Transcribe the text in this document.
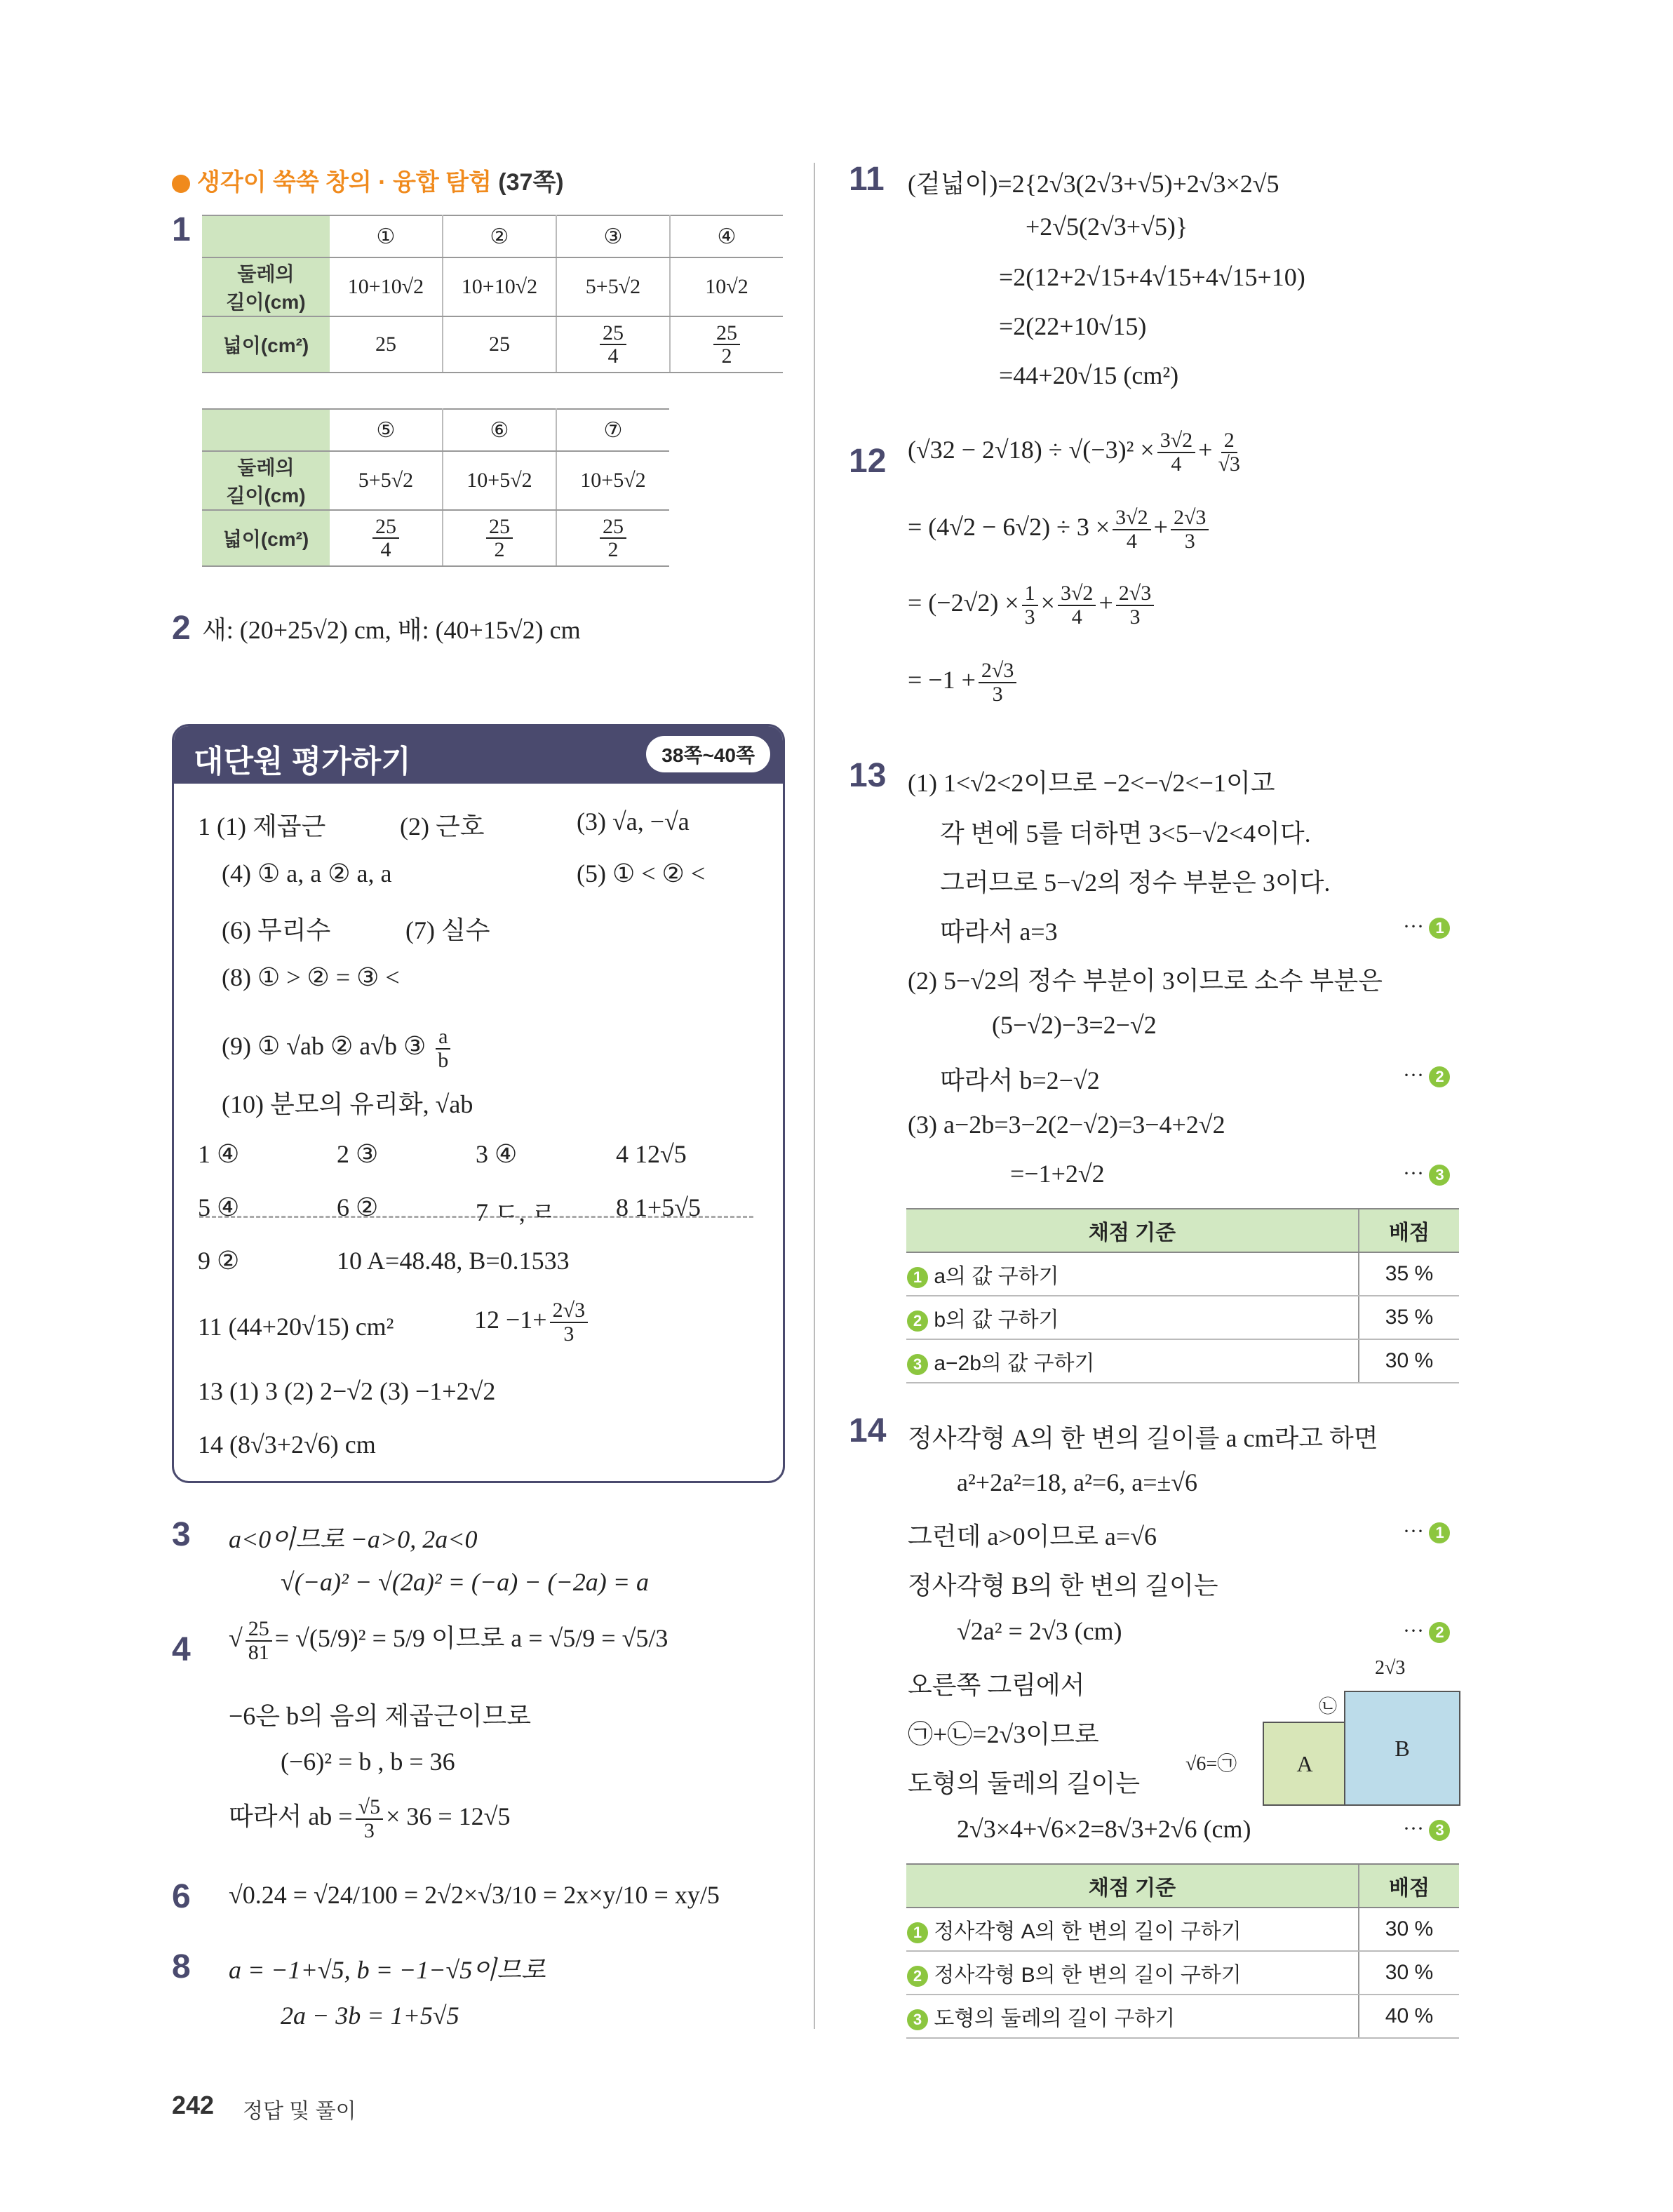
생각이 쑥쑥 창의 · 융합 탐험 (37쪽)
1
		①	②	③	④
둘레의
길이(cm)	10+10√2	10+10√2	5+5√2	10√2
넓이(cm²)	25	25	$\frac{25}{4}$	$\frac{25}{2}$
	⑤	⑥	⑦
둘레의
길이(cm)	5+5√2	10+5√2	10+5√2
넓이(cm²)	$\frac{25}{4}$	$\frac{25}{2}$	$\frac{25}{2}$
2 새: (20+25√2) cm, 배: (40+15√2) cm
대단원 평가하기	38쪽~40쪽
1 (1) 제곱근	(2) 근호	(3) √a, −√a
(4) ① a, a ② a, a	(5) ① < ② <
(6) 무리수	(7) 실수
(8) ① > ② = ③ <
(9) ① √ab ② a√b ③ $\frac{a}{b}$
(10) 분모의 유리화, √ab
1 ④	2 ③	3 ④	4 12√5
5 ④	6 ②	7 ㄷ, ㄹ 8 1+5√5
9 ②	10 A=48.48, B=0.1533
11 (44+20√15) cm²	$12 -1+ \frac{2√3}{3}$
13 (1) 3 (2) 2−√2 (3) −1+2√2
14 (8√3+2√6) cm
3 a<0이므로 −a>0, 2a<0
√(−a)² − √(2a)² = (−a) − (−2a) = a
4 √ $\frac{25}{81} = √(5/9)^2 = 5/9$ 이므로 a = √5/9 = √5/3
−6은 b의 음의 제곱근이므로
(−6)² = b , b = 36
따라서 ab = $\frac{√5}{3} \times 36 = 12√5$
6 √0.24 = √24/100 = 2√2×√3/10 = 2x×y/10 = xy/5
8 a = −1+√5, b = −1−√5이므로
2a − 3b = 1+5√5
11 (겉넓이)=2{2√3(2√3+√5)+2√3×2√5
+2√5(2√3+√5)}
=2(12+2√15+4√15+4√15+10)
=2(22+10√15)
=44+20√15 (cm²)
12 $(√32 - 2√18) \div √(-3)^2 \times \frac{3√2}{4} + \frac{2}{√3}$
= $(4√2 - 6√2) \div 3 \times \frac{3√2}{4} + \frac{2√3}{3}$
= $(-2√2) \times \frac{1}{3} \times \frac{3√2}{4} + \frac{2√3}{3}$
= $-1 + \frac{2√3}{3}$
13 (1) 1<√2<2이므로 −2<−√2<−1이고
각 변에 5를 더하면 3<5−√2<4이다.
그러므로 5−√2의 정수 부분은 3이다.
따라서 a=3	··· 1
(2) 5−√2의 정수 부분이 3이므로 소수 부분은
(5−√2)−3=2−√2
따라서 b=2−√2	··· 2
(3) a−2b=3−2(2−√2)=3−4+2√2
=−1+2√2	··· 3
채점 기준	배점
1 a의 값 구하기	35 %
2 b의 값 구하기	35 %
3 a−2b의 값 구하기	30 %
14 정사각형 A의 한 변의 길이를 a cm라고 하면
a²+2a²=18, a²=6, a=±√6
그런데 a>0이므로 a=√6	··· 1
정사각형 B의 한 변의 길이는
√2a² = 2√3 (cm)	··· 2
오른쪽 그림에서
㉠+㉡=2√3이므로
도형의 둘레의 길이는
2√3×4+√6×2=8√3+2√6 (cm)	··· 3
A
B
2√3
√6=㉠
㉡
채점 기준	배점
1 정사각형 A의 한 변의 길이 구하기	30 %
2 정사각형 B의 한 변의 길이 구하기	30 %
3 도형의 둘레의 길이 구하기	40 %
242 정답 및 풀이
